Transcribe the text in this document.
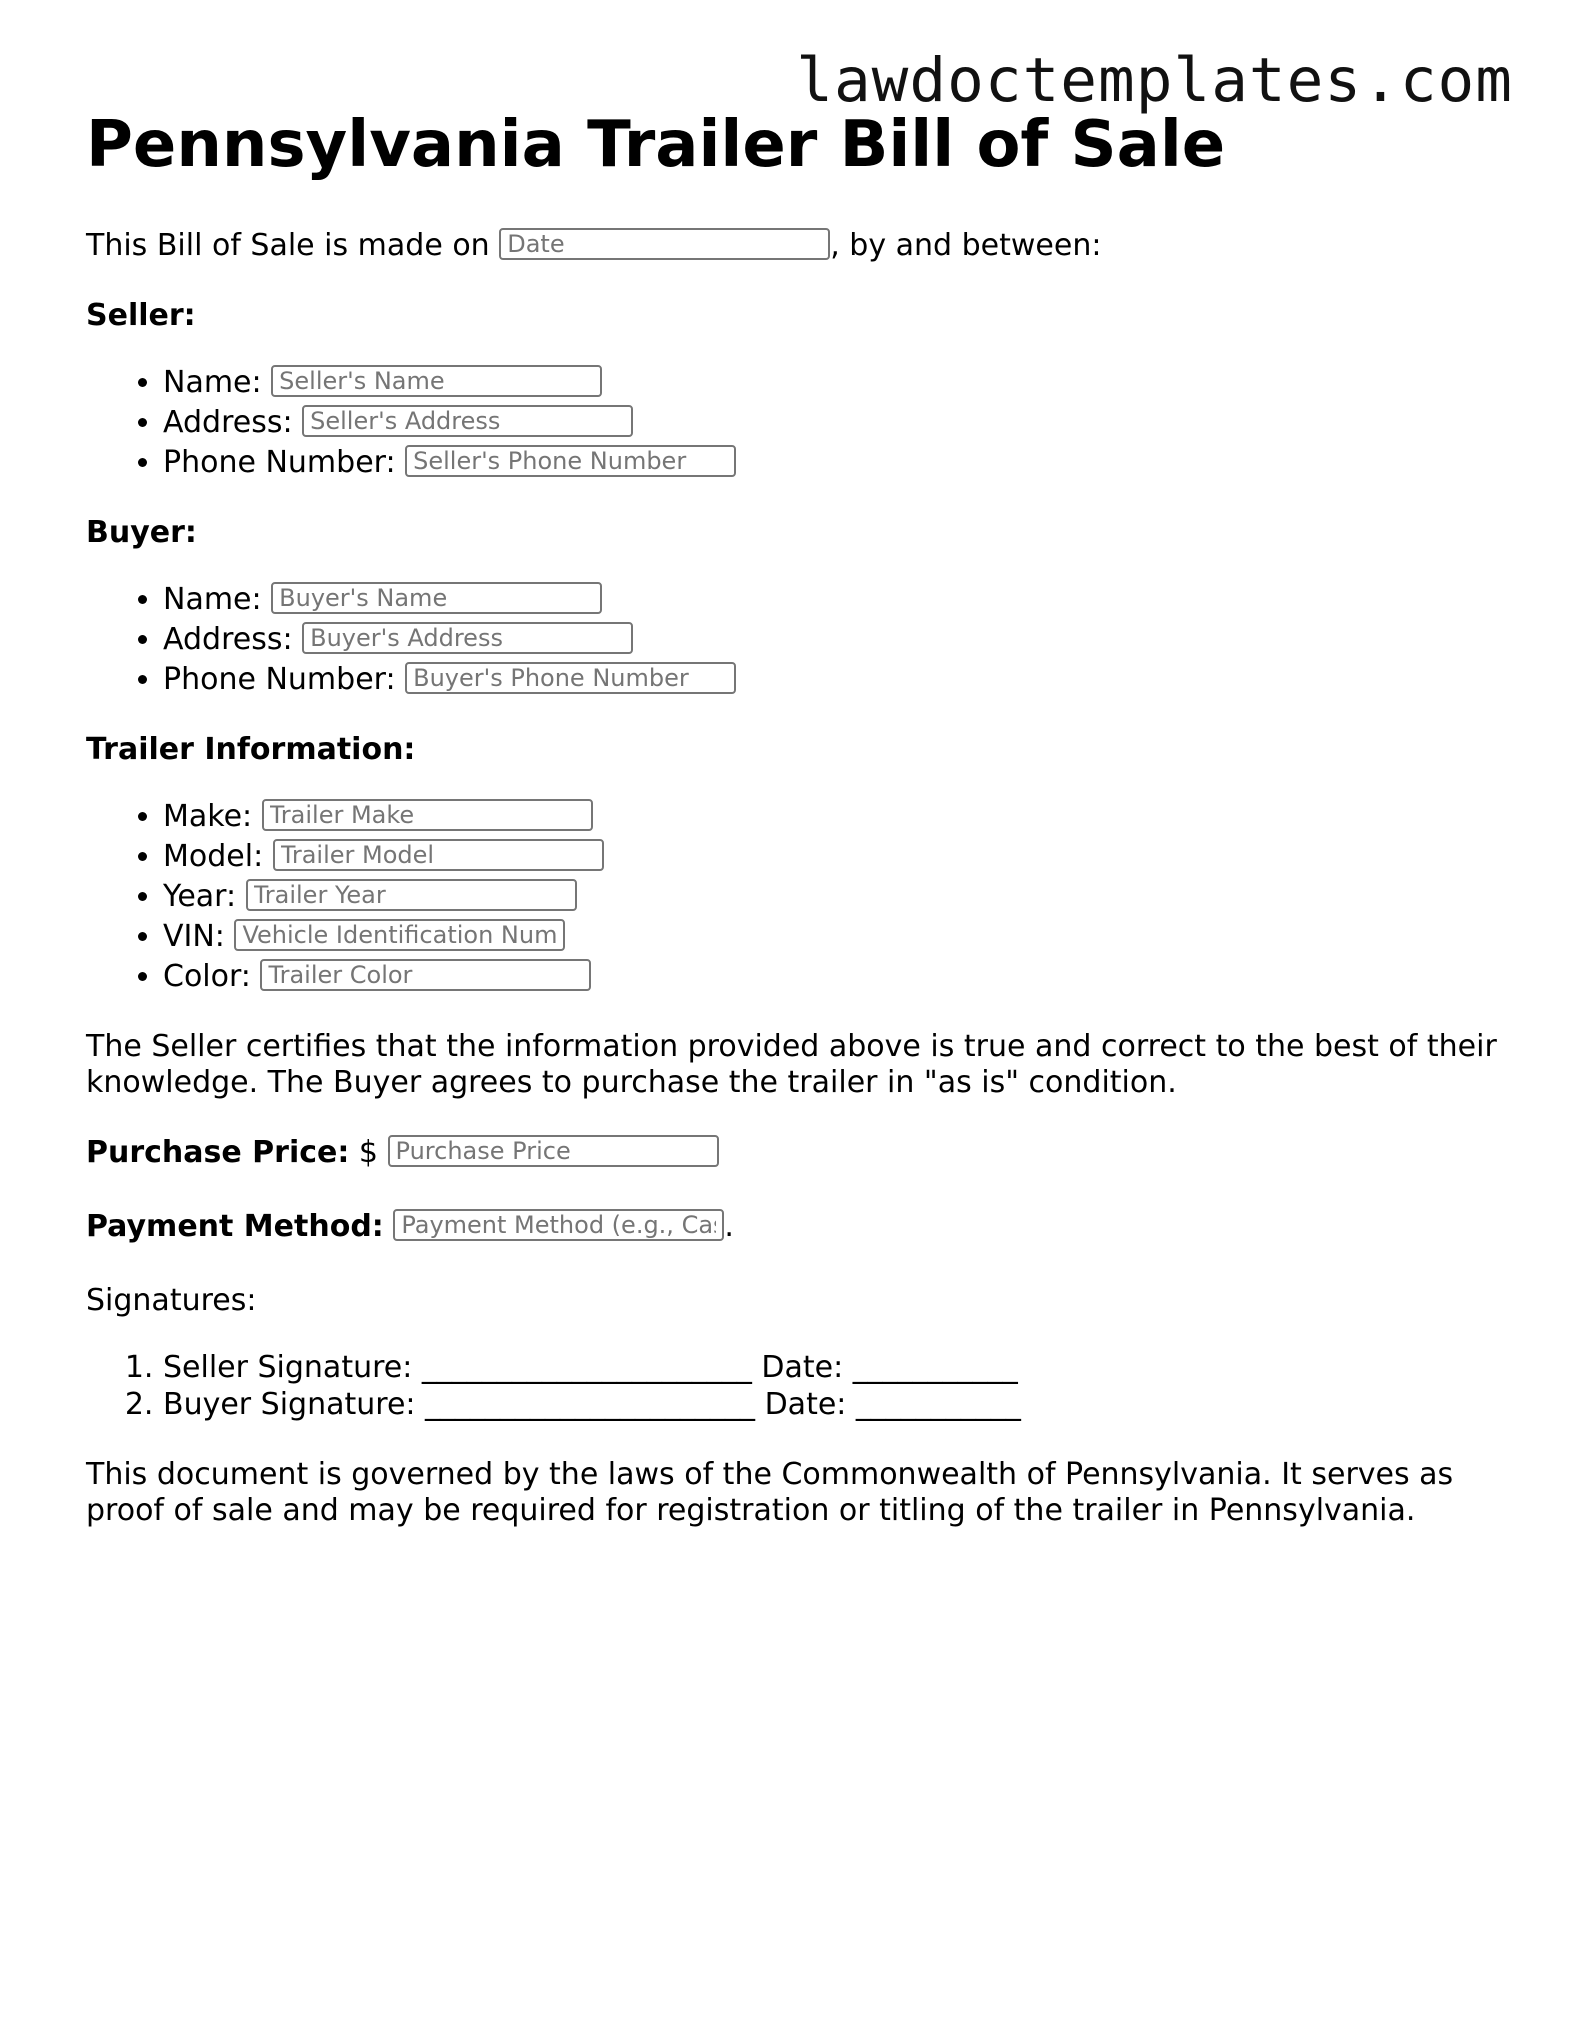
lawdoctemplates.com
Pennsylvania Trailer Bill of Sale

This Bill of Sale is made on Date	, by and between:

Seller:
• Name: Seller's Name
• Address: Seller's Address
• Phone Number: Seller's Phone Number
Buyer:
• Name: Buyer's Name
• Address: Buyer's Address
• Phone Number: Buyer's Phone Number
Trailer Information:
• Make: Trailer Make
• Model: Trailer Model
• Year: Trailer Year
• VIN: Vehicle Identification Number
• Color: Trailer Color

The Seller certifies that the information provided above is true and correct to the best of their knowledge. The Buyer agrees to purchase the trailer in "as is" condition.

Purchase Price: $ Purchase Price

Payment Method: Payment Method (e.g., Cash, Check)	.

Signatures:

1. Seller Signature: ______________________ Date: ___________
2. Buyer Signature: ______________________ Date: ___________

This document is governed by the laws of the Commonwealth of Pennsylvania. It serves as proof of sale and may be required for registration or titling of the trailer in Pennsylvania.
